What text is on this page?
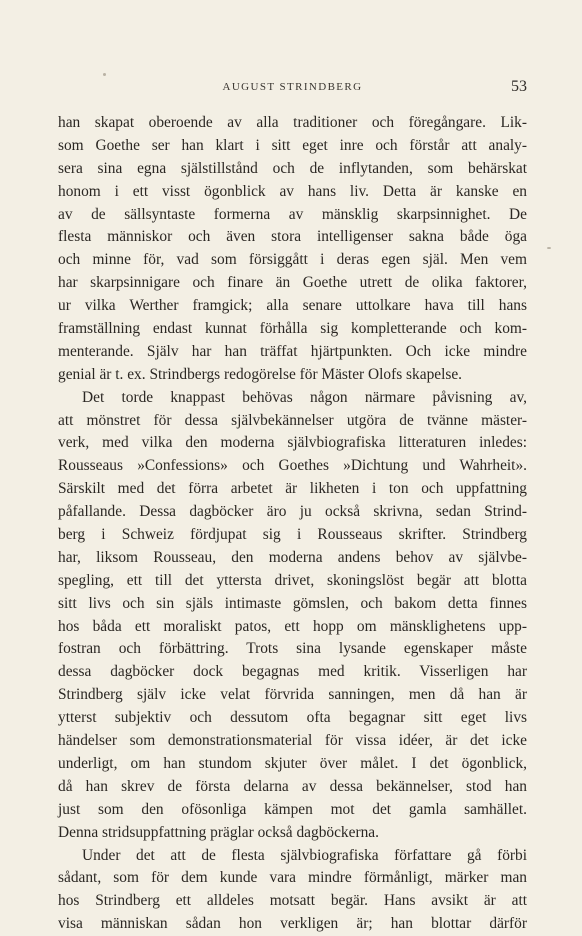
AUGUST STRINDBERG	53
han skapat oberoende av alla traditioner och föregångare. Lik-
som Goethe ser han klart i sitt eget inre och förstår att analy-
sera sina egna själstillstånd och de inflytanden, som behärskat
honom i ett visst ögonblick av hans liv. Detta är kanske en
av de sällsyntaste formerna av mänsklig skarpsinnighet. De
flesta människor och även stora intelligenser sakna både öga
och minne för, vad som försiggått i deras egen själ. Men vem
har skarpsinnigare och finare än Goethe utrett de olika faktorer,
ur vilka Werther framgick; alla senare uttolkare hava till hans
framställning endast kunnat förhålla sig kompletterande och kom-
menterande. Själv har han träffat hjärtpunkten. Och icke mindre
genial är t. ex. Strindbergs redogörelse för Mäster Olofs skapelse.
Det torde knappast behövas någon närmare påvisning av,
att mönstret för dessa självbekännelser utgöra de tvänne mäster-
verk, med vilka den moderna självbiografiska litteraturen inledes:
Rousseaus »Confessions» och Goethes »Dichtung und Wahrheit».
Särskilt med det förra arbetet är likheten i ton och uppfattning
påfallande. Dessa dagböcker äro ju också skrivna, sedan Strind-
berg i Schweiz fördjupat sig i Rousseaus skrifter. Strindberg
har, liksom Rousseau, den moderna andens behov av självbe-
spegling, ett till det yttersta drivet, skoningslöst begär att blotta
sitt livs och sin själs intimaste gömslen, och bakom detta finnes
hos båda ett moraliskt patos, ett hopp om mänsklighetens upp-
fostran och förbättring. Trots sina lysande egenskaper måste
dessa dagböcker dock begagnas med kritik. Visserligen har
Strindberg själv icke velat förvrida sanningen, men då han är
ytterst subjektiv och dessutom ofta begagnar sitt eget livs
händelser som demonstrationsmaterial för vissa idéer, är det icke
underligt, om han stundom skjuter över målet. I det ögonblick,
då han skrev de första delarna av dessa bekännelser, stod han
just som den ofösonliga kämpen mot det gamla samhället.
Denna stridsuppfattning präglar också dagböckerna.
Under det att de flesta självbiografiska författare gå förbi
sådant, som för dem kunde vara mindre förmånligt, märker man
hos Strindberg ett alldeles motsatt begär. Hans avsikt är att
visa människan sådan hon verkligen är; han blottar därför
